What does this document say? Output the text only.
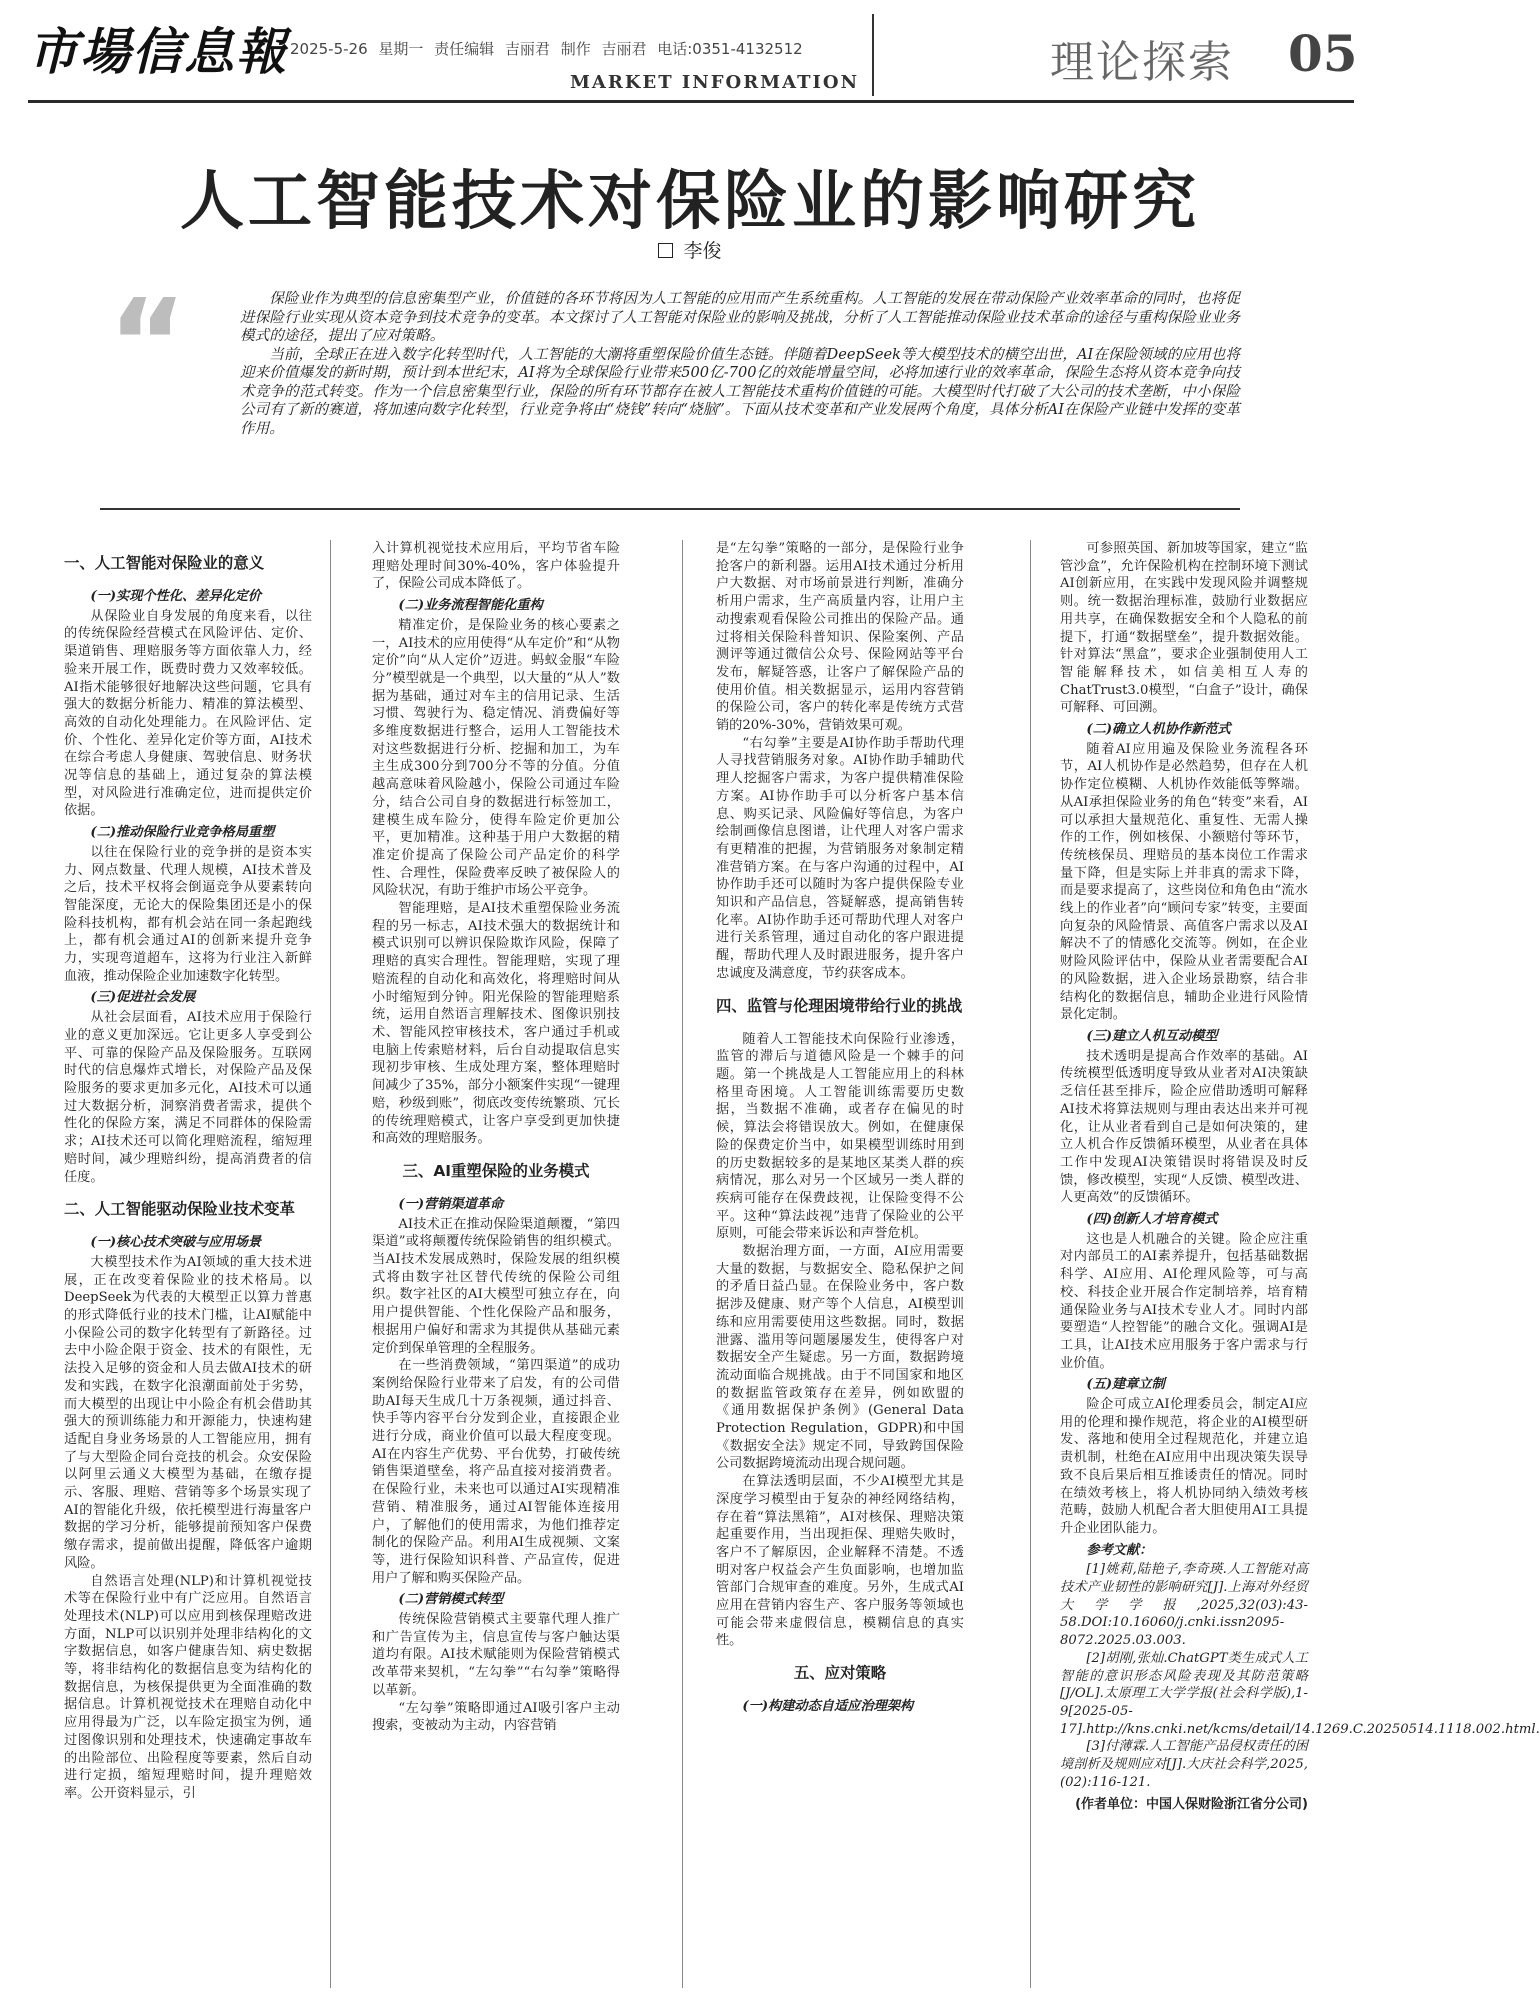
市場信息報 2025-5-26 星期一 责任编辑 吉丽君 制作 吉丽君 电话:0351-4132512
MARKET INFORMATION	理论探索 05
人工智能技术对保险业的影响研究
李俊
“	保险业作为典型的信息密集型产业，价值链的各环节将因为人工智能的应用而产生系统重构。人工智能的发展在带动保险产业效率革命的同时，也将促进保险行业实现从资本竞争到技术竞争的变革。本文探讨了人工智能对保险业的影响及挑战，分析了人工智能推动保险业技术革命的途径与重构保险业业务模式的途径，提出了应对策略。

当前，全球正在进入数字化转型时代，人工智能的大潮将重塑保险价值生态链。伴随着DeepSeek等大模型技术的横空出世，AI在保险领域的应用也将迎来价值爆发的新时期，预计到本世纪末，AI将为全球保险行业带来500亿-700亿的效能增量空间，必将加速行业的效率革命，保险生态将从资本竞争向技术竞争的范式转变。作为一个信息密集型行业，保险的所有环节都存在被人工智能技术重构价值链的可能。大模型时代打破了大公司的技术垄断，中小保险公司有了新的赛道，将加速向数字化转型，行业竞争将由“烧钱”转向“烧脑”。下面从技术变革和产业发展两个角度，具体分析AI在保险产业链中发挥的变革作用。

一、人工智能对保险业的意义
(一)实现个性化、差异化定价

从保险业自身发展的角度来看，以往的传统保险经营模式在风险评估、定价、渠道销售、理赔服务等方面依靠人力，经验来开展工作，既费时费力又效率较低。AI指术能够很好地解决这些问题，它具有强大的数据分析能力、精准的算法模型、高效的自动化处理能力。在风险评估、定价、个性化、差异化定价等方面，AI技术在综合考虑人身健康、驾驶信息、财务状况等信息的基础上，通过复杂的算法模型，对风险进行准确定位，进而提供定价依据。

(二)推动保险行业竞争格局重塑

以往在保险行业的竞争拼的是资本实力、网点数量、代理人规模，AI技术普及之后，技术平权将会倒逼竞争从要素转向智能深度，无论大的保险集团还是小的保险科技机构，都有机会站在同一条起跑线上，都有机会通过AI的创新来提升竞争力，实现弯道超车，这将为行业注入新鲜血液，推动保险企业加速数字化转型。

(三)促进社会发展

从社会层面看，AI技术应用于保险行业的意义更加深远。它让更多人享受到公平、可靠的保险产品及保险服务。互联网时代的信息爆炸式增长，对保险产品及保险服务的要求更加多元化，AI技术可以通过大数据分析，洞察消费者需求，提供个性化的保险方案，满足不同群体的保险需求；AI技术还可以简化理赔流程，缩短理赔时间，减少理赔纠纷，提高消费者的信任度。

二、人工智能驱动保险业技术变革
(一)核心技术突破与应用场景

大模型技术作为AI领域的重大技术进展，正在改变着保险业的技术格局。以DeepSeek为代表的大模型正以算力普惠的形式降低行业的技术门槛，让AI赋能中小保险公司的数字化转型有了新路径。过去中小险企限于资金、技术的有限性，无法投入足够的资金和人员去做AI技术的研发和实践，在数字化浪潮面前处于劣势，而大模型的出现让中小险企有机会借助其强大的预训练能力和开源能力，快速构建适配自身业务场景的人工智能应用，拥有了与大型险企同台竞技的机会。众安保险以阿里云通义大模型为基础，在缴存提示、客服、理赔、营销等多个场景实现了AI的智能化升级，依托模型进行海量客户数据的学习分析，能够提前预知客户保费缴存需求，提前做出提醒，降低客户逾期风险。

自然语言处理(NLP)和计算机视觉技术等在保险行业中有广泛应用。自然语言处理技术(NLP)可以应用到核保理赔改进方面，NLP可以识别并处理非结构化的文字数据信息，如客户健康告知、病史数据等，将非结构化的数据信息变为结构化的数据信息，为核保提供更为全面准确的数据信息。计算机视觉技术在理赔自动化中应用得最为广泛，以车险定损宝为例，通过图像识别和处理技术，快速确定事故车的出险部位、出险程度等要素，然后自动进行定损，缩短理赔时间，提升理赔效率。公开资料显示，引

入计算机视觉技术应用后，平均节省车险理赔处理时间30%-40%，客户体验提升了，保险公司成本降低了。

(二)业务流程智能化重构

精准定价，是保险业务的核心要素之一，AI技术的应用使得“从车定价”和“从物定价”向“从人定价”迈进。蚂蚁金服“车险分”模型就是一个典型，以大量的“从人”数据为基础，通过对车主的信用记录、生活习惯、驾驶行为、稳定情况、消费偏好等多维度数据进行整合，运用人工智能技术对这些数据进行分析、挖掘和加工，为车主生成300分到700分不等的分值。分值越高意味着风险越小，保险公司通过车险分，结合公司自身的数据进行标签加工，建模生成车险分，使得车险定价更加公平，更加精准。这种基于用户大数据的精准定价提高了保险公司产品定价的科学性、合理性，保险费率反映了被保险人的风险状况，有助于维护市场公平竞争。

智能理赔，是AI技术重塑保险业务流程的另一标志，AI技术强大的数据统计和模式识别可以辨识保险欺诈风险，保障了理赔的真实合理性。智能理赔，实现了理赔流程的自动化和高效化，将理赔时间从小时缩短到分钟。阳光保险的智能理赔系统，运用自然语言理解技术、图像识别技术、智能风控审核技术，客户通过手机或电脑上传索赔材料，后台自动提取信息实现初步审核、生成处理方案，整体理赔时间减少了35%，部分小额案件实现“一键理赔，秒级到账”，彻底改变传统繁琐、冗长的传统理赔模式，让客户享受到更加快捷和高效的理赔服务。

三、AI重塑保险的业务模式
(一)营销渠道革命

AI技术正在推动保险渠道颠覆，“第四渠道”或将颠覆传统保险销售的组织模式。当AI技术发展成熟时，保险发展的组织模式将由数字社区替代传统的保险公司组织。数字社区的AI大模型可独立存在，向用户提供智能、个性化保险产品和服务，根据用户偏好和需求为其提供从基础元素定价到保单管理的全程服务。

在一些消费领域，“第四渠道”的成功案例给保险行业带来了启发，有的公司借助AI每天生成几十万条视频，通过抖音、快手等内容平台分发到企业，直接跟企业进行分成，商业价值可以最大程度变现。AI在内容生产优势、平台优势，打破传统销售渠道壁垒，将产品直接对接消费者。在保险行业，未来也可以通过AI实现精准营销、精准服务，通过AI智能体连接用户，了解他们的使用需求，为他们推荐定制化的保险产品。利用AI生成视频、文案等，进行保险知识科普、产品宣传，促进用户了解和购买保险产品。

(二)营销模式转型

传统保险营销模式主要靠代理人推广和广告宣传为主，信息宣传与客户触达渠道均有限。AI技术赋能则为保险营销模式改革带来契机，“左勾拳”“右勾拳”策略得以革新。

“左勾拳”策略即通过AI吸引客户主动搜索，变被动为主动，内容营销

是“左勾拳”策略的一部分，是保险行业争抢客户的新利器。运用AI技术通过分析用户大数据、对市场前景进行判断，准确分析用户需求，生产高质量内容，让用户主动搜索观看保险公司推出的保险产品。通过将相关保险科普知识、保险案例、产品测评等通过微信公众号、保险网站等平台发布，解疑答惑，让客户了解保险产品的使用价值。相关数据显示，运用内容营销的保险公司，客户的转化率是传统方式营销的20%-30%，营销效果可观。

“右勾拳”主要是AI协作助手帮助代理人寻找营销服务对象。AI协作助手辅助代理人挖掘客户需求，为客户提供精准保险方案。AI协作助手可以分析客户基本信息、购买记录、风险偏好等信息，为客户绘制画像信息图谱，让代理人对客户需求有更精准的把握，为营销服务对象制定精准营销方案。在与客户沟通的过程中，AI协作助手还可以随时为客户提供保险专业知识和产品信息，答疑解惑，提高销售转化率。AI协作助手还可帮助代理人对客户进行关系管理，通过自动化的客户跟进提醒，帮助代理人及时跟进服务，提升客户忠诚度及满意度，节约获客成本。

四、监管与伦理困境带给行业的挑战

随着人工智能技术向保险行业渗透，监管的滞后与道德风险是一个棘手的问题。第一个挑战是人工智能应用上的科林格里奇困境。人工智能训练需要历史数据，当数据不准确，或者存在偏见的时候，算法会将错误放大。例如，在健康保险的保费定价当中，如果模型训练时用到的历史数据较多的是某地区某类人群的疾病情况，那么对另一个区域另一类人群的疾病可能存在保费歧视，让保险变得不公平。这种“算法歧视”违背了保险业的公平原则，可能会带来诉讼和声誉危机。

数据治理方面，一方面，AI应用需要大量的数据，与数据安全、隐私保护之间的矛盾日益凸显。在保险业务中，客户数据涉及健康、财产等个人信息，AI模型训练和应用需要使用这些数据。同时，数据泄露、滥用等问题屡屡发生，使得客户对数据安全产生疑虑。另一方面，数据跨境流动面临合规挑战。由于不同国家和地区的数据监管政策存在差异，例如欧盟的《通用数据保护条例》(General Data Protection Regulation，GDPR)和中国《数据安全法》规定不同，导致跨国保险公司数据跨境流动出现合规问题。

在算法透明层面，不少AI模型尤其是深度学习模型由于复杂的神经网络结构，存在着“算法黑箱”，AI对核保、理赔决策起重要作用，当出现拒保、理赔失败时，客户不了解原因，企业解释不清楚。不透明对客户权益会产生负面影响，也增加监管部门合规审查的难度。另外，生成式AI应用在营销内容生产、客户服务等领域也可能会带来虚假信息，模糊信息的真实性。

五、应对策略
(一)构建动态自适应治理架构

可参照英国、新加坡等国家，建立“监管沙盒”，允许保险机构在控制环境下测试AI创新应用，在实践中发现风险并调整规则。统一数据治理标准，鼓励行业数据应用共享，在确保数据安全和个人隐私的前提下，打通“数据壁垒”，提升数据效能。针对算法“黑盒”，要求企业强制使用人工智能解释技术，如信美相互人寿的ChatTrust3.0模型，“白盒子”设计，确保可解释、可回溯。

(二)确立人机协作新范式

随着AI应用遍及保险业务流程各环节，AI人机协作是必然趋势，但存在人机协作定位模糊、人机协作效能低等弊端。从AI承担保险业务的角色“转变”来看，AI可以承担大量规范化、重复性、无需人操作的工作，例如核保、小额赔付等环节，传统核保员、理赔员的基本岗位工作需求量下降，但是实际上并非真的需求下降，而是要求提高了，这些岗位和角色由“流水线上的作业者”向“顾问专家”转变，主要面向复杂的风险情景、高值客户需求以及AI解决不了的情感化交流等。例如，在企业财险风险评估中，保险从业者需要配合AI的风险数据，进入企业场景勘察，结合非结构化的数据信息，辅助企业进行风险情景化定制。

(三)建立人机互动模型

技术透明是提高合作效率的基础。AI传统模型低透明度导致从业者对AI决策缺乏信任甚至排斥，险企应借助透明可解释AI技术将算法规则与理由表达出来并可视化，让从业者看到自己是如何决策的，建立人机合作反馈循环模型，从业者在具体工作中发现AI决策错误时将错误及时反馈，修改模型，实现“人反馈、模型改进、人更高效”的反馈循环。

(四)创新人才培育模式

这也是人机融合的关键。险企应注重对内部员工的AI素养提升，包括基础数据科学、AI应用、AI伦理风险等，可与高校、科技企业开展合作定制培养，培育精通保险业务与AI技术专业人才。同时内部要塑造“人控智能”的融合文化。强调AI是工具，让AI技术应用服务于客户需求与行业价值。

(五)建章立制

险企可成立AI伦理委员会，制定AI应用的伦理和操作规范，将企业的AI模型研发、落地和使用全过程规范化，并建立追责机制，杜绝在AI应用中出现决策失误导致不良后果后相互推诿责任的情况。同时在绩效考核上，将人机协同纳入绩效考核范畴，鼓励人机配合者大胆使用AI工具提升企业团队能力。

参考文献：

[1]姚莉,陆艳子,李奇瑛.人工智能对高技术产业韧性的影响研究[J].上海对外经贸大学学报,2025,32(03):43-58.DOI:10.16060/j.cnki.issn2095-8072.2025.03.003.

[2]胡刚,张灿.ChatGPT类生成式人工智能的意识形态风险表现及其防范策略[J/OL].太原理工大学学报(社会科学版),1-9[2025-05-17].http://kns.cnki.net/kcms/detail/14.1269.C.20250514.1118.002.html.

[3]付薄霖.人工智能产品侵权责任的困境剖析及规则应对[J].大庆社会科学,2025,(02):116-121.

(作者单位：中国人保财险浙江省分公司)
